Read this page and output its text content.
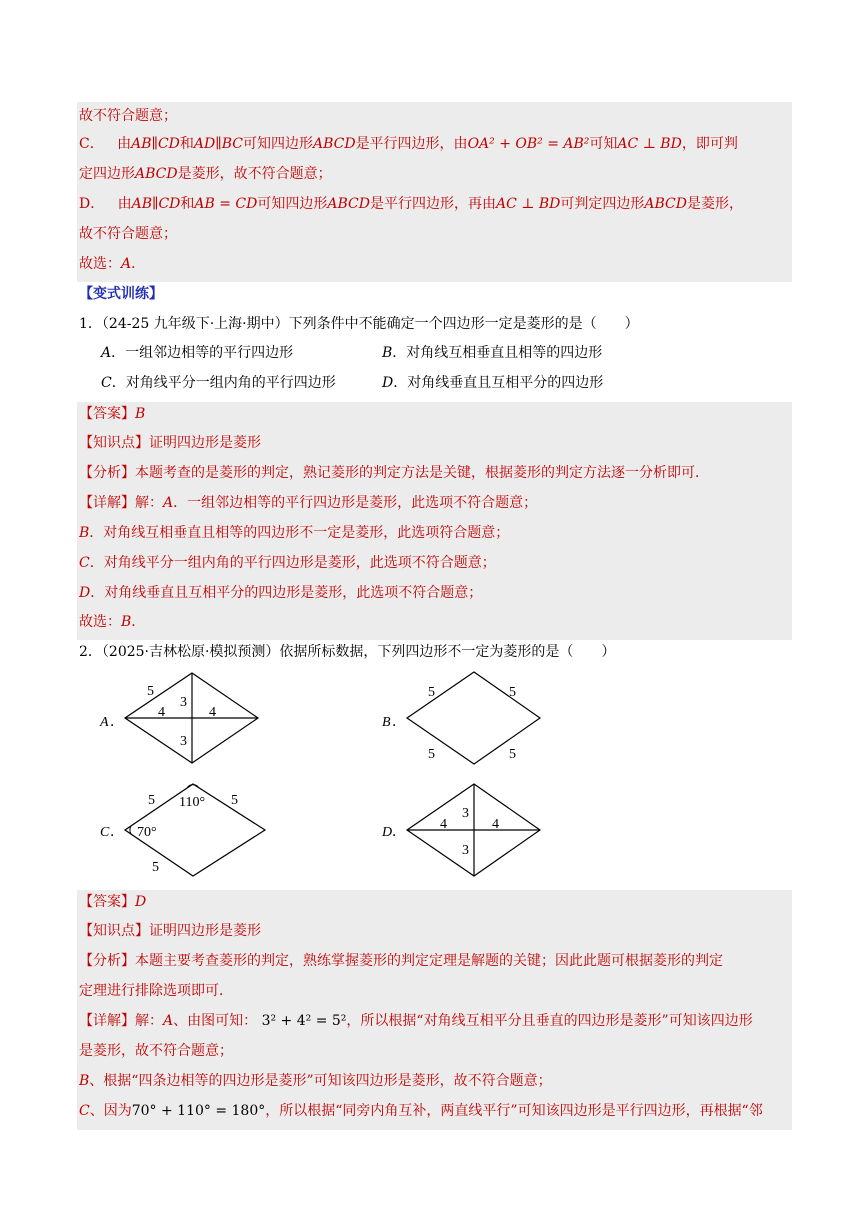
故不符合题意；
C． 由AB∥CD和AD∥BC可知四边形ABCD是平行四边形，由OA² + OB² = AB²可知AC ⊥ BD，即可判
定四边形ABCD是菱形，故不符合题意；
D． 由AB∥CD和AB = CD可知四边形ABCD是平行四边形，再由AC ⊥ BD可判定四边形ABCD是菱形，
故不符合题意；
故选：A．
【变式训练】
1．（24-25 九年级下·上海·期中）下列条件中不能确定一个四边形一定是菱形的是（　　）
A．一组邻边相等的平行四边形	B．对角线互相垂直且相等的四边形
C．对角线平分一组内角的平行四边形	D．对角线垂直且互相平分的四边形
【答案】B
【知识点】证明四边形是菱形
【分析】本题考查的是菱形的判定，熟记菱形的判定方法是关键，根据菱形的判定方法逐一分析即可．
【详解】解：A．一组邻边相等的平行四边形是菱形，此选项不符合题意；
B．对角线互相垂直且相等的四边形不一定是菱形，此选项符合题意；
C．对角线平分一组内角的平行四边形是菱形，此选项不符合题意；
D．对角线垂直且互相平分的四边形是菱形，此选项不符合题意；
故选：B．
2．（2025·吉林松原·模拟预测）依据所标数据，下列四边形不一定为菱形的是（　　）
A ．
5
4
3
4
3
B ．
5	5
5	5
C ．
5 110° 5
70°
5
D ．
3
4	4
3
【答案】D
【知识点】证明四边形是菱形
【分析】本题主要考查菱形的判定，熟练掌握菱形的判定定理是解题的关键；因此此题可根据菱形的判定
定理进行排除选项即可．
【详解】解：A、由图可知： 3² + 4² = 5²，所以根据“对角线互相平分且垂直的四边形是菱形”可知该四边形
是菱形，故不符合题意；
B、根据“四条边相等的四边形是菱形”可知该四边形是菱形，故不符合题意；
C、因为70° + 110° = 180°，所以根据“同旁内角互补，两直线平行”可知该四边形是平行四边形，再根据“邻
